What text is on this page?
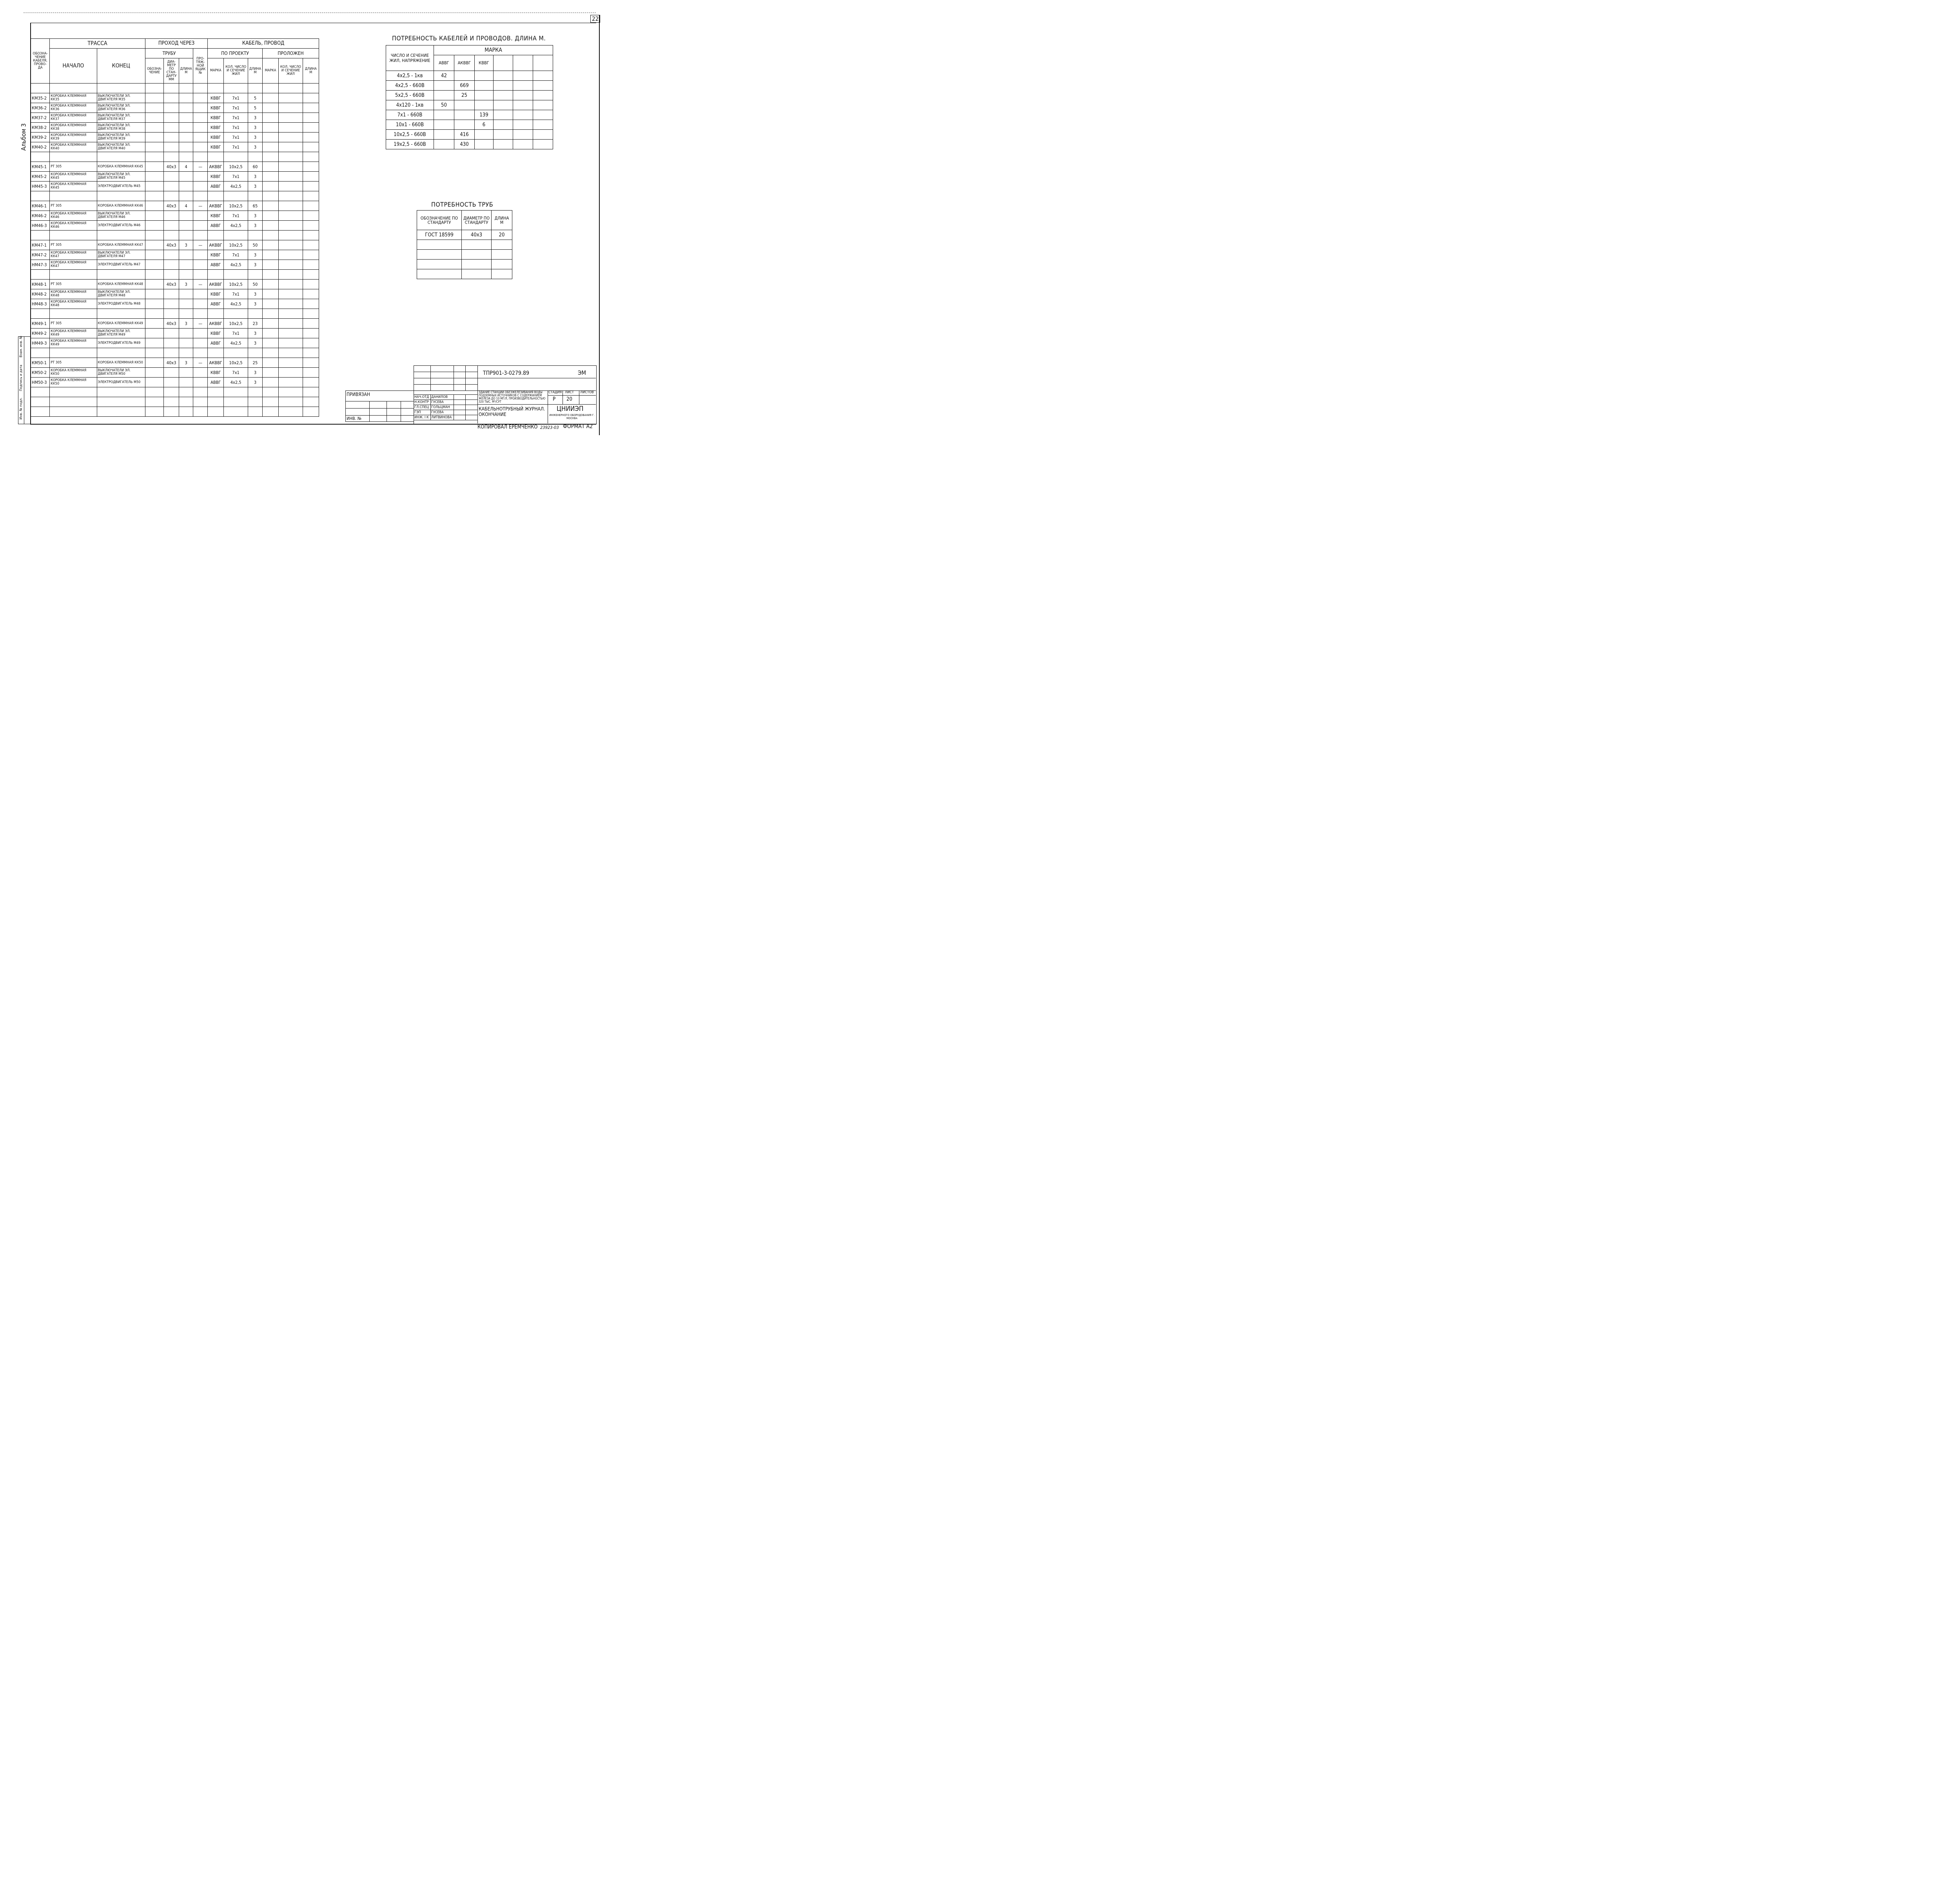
22
Альбом 3
Инв. № подл.
Подпись и дата
Взам. инв. №
ОБОЗНА-ЧЕНИЕ КАБЕЛЯ, ПРОВО-ДА	ТРАССА		ПРОХОД ЧЕРЕЗ				КАБЕЛЬ, ПРОВОД					
	НАЧАЛО	КОНЕЦ	ТРУБУ			ПРО-ТЯЖ-НОЙ ЯЩИК №	ПО ПРОЕКТУ			ПРОЛОЖЕН		
			ОБОЗНА-ЧЕНИЕ	ДИА-МЕТР ПО СТАН-ДАРТУ ММ	ДЛИНА М		МАРКА	КОЛ. ЧИСЛО И СЕЧЕНИЕ ЖИЛ	ДЛИНА М	МАРКА	КОЛ. ЧИСЛО И СЕЧЕНИЕ ЖИЛ	ДЛИНА М

КМ35-2	КОРОБКА КЛЕММНАЯ КК35	ВЫКЛЮЧАТЕЛИ ЭЛ. ДВИГАТЕЛЯ М35					КВВГ	7х1	5			
КМ36-2	КОРОБКА КЛЕММНАЯ КК36	ВЫКЛЮЧАТЕЛИ ЭЛ. ДВИГАТЕЛЯ М36					КВВГ	7х1	5			
КМ37-2	КОРОБКА КЛЕММНАЯ КК37	ВЫКЛЮЧАТЕЛИ ЭЛ. ДВИГАТЕЛЯ М37					КВВГ	7х1	3			
КМ38-2	КОРОБКА КЛЕММНАЯ КК38	ВЫКЛЮЧАТЕЛИ ЭЛ. ДВИГАТЕЛЯ М38					КВВГ	7х1	3			
КМ39-2	КОРОБКА КЛЕММНАЯ КК39	ВЫКЛЮЧАТЕЛИ ЭЛ. ДВИГАТЕЛЯ М39					КВВГ	7х1	3			
КМ40-2	КОРОБКА КЛЕММНАЯ КК40	ВЫКЛЮЧАТЕЛИ ЭЛ. ДВИГАТЕЛЯ М40					КВВГ	7х1	3			

КМ45-1	РТ 305	КОРОБКА КЛЕММНАЯ КК45		40х3	4	—	АКВВГ	10х2,5	60			
КМ45-2	КОРОБКА КЛЕММНАЯ КК45	ВЫКЛЮЧАТЕЛИ ЭЛ. ДВИГАТЕЛЯ М45					КВВГ	7х1	3			
НМ45-3	КОРОБКА КЛЕММНАЯ КК45	ЭЛЕКТРОДВИГАТЕЛЬ М45					АВВГ	4х2,5	3			

КМ46-1	РТ 305	КОРОБКА КЛЕММНАЯ КК46		40х3	4	—	АКВВГ	10х2,5	65			
КМ46-2	КОРОБКА КЛЕММНАЯ КК46	ВЫКЛЮЧАТЕЛИ ЭЛ. ДВИГАТЕЛЯ М46					КВВГ	7х1	3			
НМ46-3	КОРОБКА КЛЕММНАЯ КК46	ЭЛЕКТРОДВИГАТЕЛЬ М46					АВВГ	4х2,5	3			

КМ47-1	РТ 305	КОРОБКА КЛЕММНАЯ КК47		40х3	3	—	АКВВГ	10х2,5	50			
КМ47-2	КОРОБКА КЛЕММНАЯ КК47	ВЫКЛЮЧАТЕЛИ ЭЛ. ДВИГАТЕЛЯ М47					КВВГ	7х1	3			
НМ47-3	КОРОБКА КЛЕММНАЯ КК47	ЭЛЕКТРОДВИГАТЕЛЬ М47					АВВГ	4х2,5	3			

КМ48-1	РТ 305	КОРОБКА КЛЕММНАЯ КК48		40х3	3	—	АКВВГ	10х2,5	50			
КМ48-2	КОРОБКА КЛЕММНАЯ КК48	ВЫКЛЮЧАТЕЛИ ЭЛ. ДВИГАТЕЛЯ М48					КВВГ	7х1	3			
НМ48-3	КОРОБКА КЛЕММНАЯ КК48	ЭЛЕКТРОДВИГАТЕЛЬ М48					АВВГ	4х2,5	3			

КМ49-1	РТ 305	КОРОБКА КЛЕММНАЯ КК49		40х3	3	—	АКВВГ	10х2,5	23			
КМ49-2	КОРОБКА КЛЕММНАЯ КК49	ВЫКЛЮЧАТЕЛИ ЭЛ. ДВИГАТЕЛЯ М49					КВВГ	7х1	3			
НМ49-3	КОРОБКА КЛЕММНАЯ КК49	ЭЛЕКТРОДВИГАТЕЛЬ М49					АВВГ	4х2,5	3			

КМ50-1	РТ 305	КОРОБКА КЛЕММНАЯ КК50		40х3	3	—	АКВВГ	10х2,5	25			
КМ50-2	КОРОБКА КЛЕММНАЯ КК50	ВЫКЛЮЧАТЕЛИ ЭЛ. ДВИГАТЕЛЯ М50					КВВГ	7х1	3			
НМ50-3	КОРОБКА КЛЕММНАЯ КК50	ЭЛЕКТРОДВИГАТЕЛЬ М50					АВВГ	4х2,5	3			

ПОТРЕБНОСТЬ КАБЕЛЕЙ И ПРОВОДОВ. ДЛИНА М.
ЧИСЛО И СЕЧЕНИЕ ЖИЛ, НАПРЯЖЕНИЕ	МАРКА					
	АВВГ	АКВВГ	КВВГ			
4х2,5 - 1кв	42					
4х2,5 - 660В		669				
5х2,5 - 660В		25				
4х120 - 1кв	50					
7х1 - 660В			139			
10х1 - 660В			6			
10х2,5 - 660В		416				
19х2,5 - 660В		430				
ПОТРЕБНОСТЬ ТРУБ
ОБОЗНАЧЕНИЕ ПО СТАНДАРТУ	ДИАМЕТР ПО СТАНДАРТУ	ДЛИНА М
ГОСТ 18599	40х3	20

ТПР901-3-0279.89	ЭМ
ПРИВЯЗАН
ИНВ. №
НАЧ.ОТД	ДАНИЛОВ		
Н.КОНТР	ГУСЕВА		
ГЛ.СПЕЦ	ГОЛЬЦМАН		
ГЭП	ГУСЕВА		
ИНЖ. I К	ЛИТВИНОВА		
ЗДАНИЕ СТАНЦИИ ОБЕЗЖЕЛЕЗИВАНИЯ ВОДЫ ПОДЗЕМНЫХ ИСТОЧНИКОВ С СОДЕРЖАНИЕМ ЖЕЛЕЗА ДО 10 МГ/Л, ПРОИЗВОДИТЕЛЬНОСТЬЮ 320 ТЫС. М³/СУТ
СТАДИЯ ЛИСТ ЛИСТОВ
Р 20
КАБЕЛЬНОТРУБНЫЙ ЖУРНАЛ. ОКОНЧАНИЕ
ЦНИИЭП
ИНЖЕНЕРНОГО ОБОРУДОВАНИЯ Г. МОСКВА
КОПИРОВАЛ ЕРЕМЧЕНКО 23923-03 ФОРМАТ А2
